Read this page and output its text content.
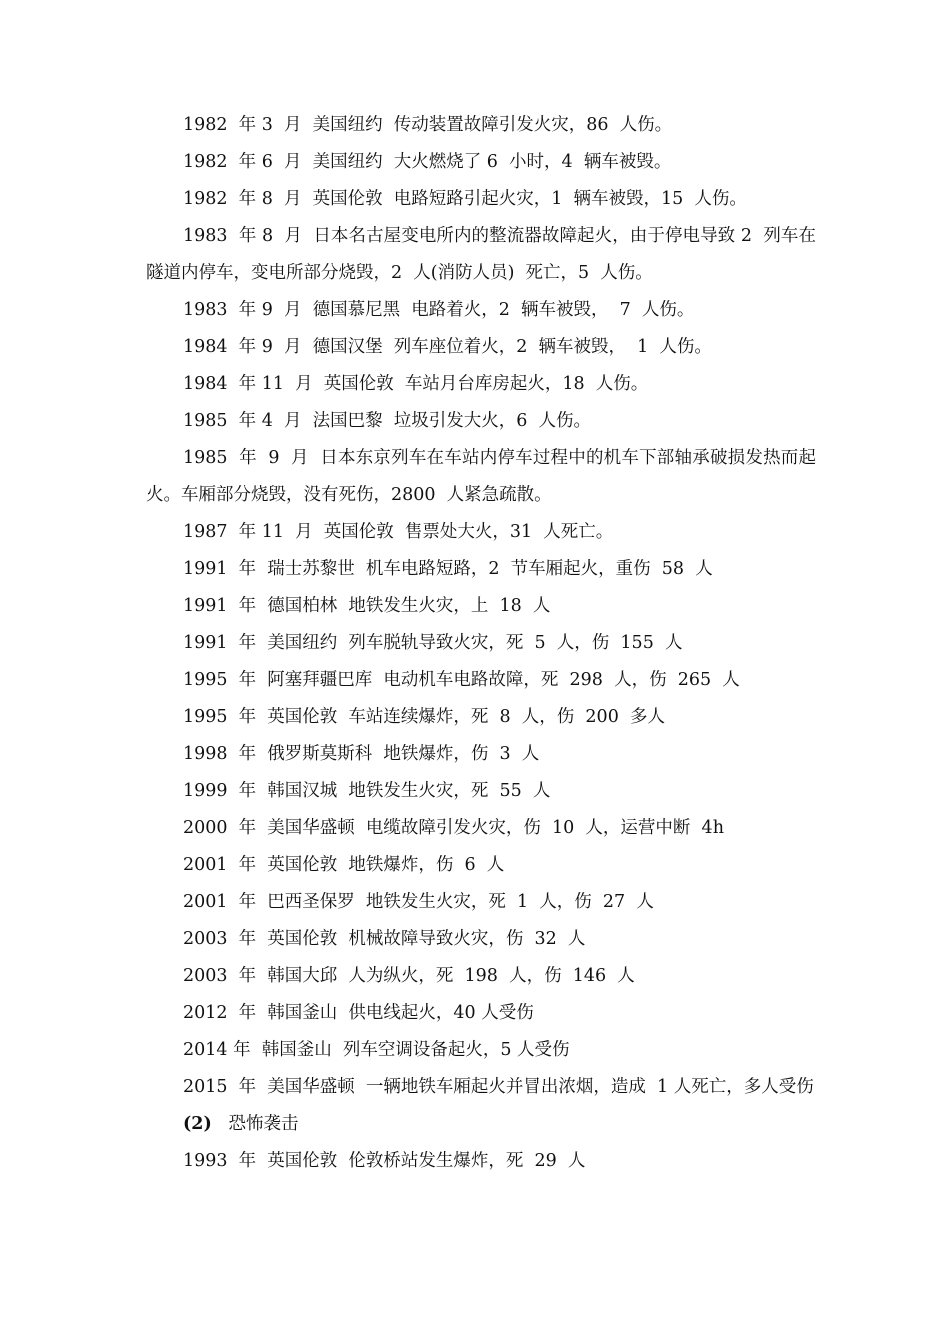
1982  年 3  月  美国纽约  传动装置故障引发火灾，86  人伤。

1982  年 6  月  美国纽约  大火燃烧了 6  小时，4  辆车被毁。

1982  年 8  月  英国伦敦  电路短路引起火灾，1  辆车被毁，15  人伤。

1983  年 8  月  日本名古屋变电所内的整流器故障起火，由于停电导致 2  列车在隧道内停车，变电所部分烧毁，2  人(消防人员)  死亡，5  人伤。

1983  年 9  月  德国慕尼黑  电路着火，2  辆车被毁，  7  人伤。

1984  年 9  月  德国汉堡  列车座位着火，2  辆车被毁，  1  人伤。

1984  年 11  月  英国伦敦  车站月台库房起火，18  人伤。

1985  年 4  月  法国巴黎  垃圾引发大火，6  人伤。

1985  年  9  月  日本东京列车在车站内停车过程中的机车下部轴承破损发热而起火。车厢部分烧毁，没有死伤，2800  人紧急疏散。

1987  年 11  月  英国伦敦  售票处大火，31  人死亡。

1991  年  瑞士苏黎世  机车电路短路，2  节车厢起火，重伤  58  人

1991  年  德国柏林  地铁发生火灾，上  18  人

1991  年  美国纽约  列车脱轨导致火灾，死  5  人，伤  155  人

1995  年  阿塞拜疆巴库  电动机车电路故障，死  298  人，伤  265  人

1995  年  英国伦敦  车站连续爆炸，死  8  人，伤  200  多人

1998  年  俄罗斯莫斯科  地铁爆炸，伤  3  人

1999  年  韩国汉城  地铁发生火灾，死  55  人

2000  年  美国华盛顿  电缆故障引发火灾，伤  10  人，运营中断  4h

2001  年  英国伦敦  地铁爆炸，伤  6  人

2001  年  巴西圣保罗  地铁发生火灾，死  1  人，伤  27  人

2003  年  英国伦敦  机械故障导致火灾，伤  32  人

2003  年  韩国大邱  人为纵火，死  198  人，伤  146  人

2012  年  韩国釜山  供电线起火，40 人受伤

2014 年  韩国釜山  列车空调设备起火，5 人受伤

2015  年  美国华盛顿  一辆地铁车厢起火并冒出浓烟，造成  1 人死亡，多人受伤

(2) 恐怖袭击

1993  年  英国伦敦  伦敦桥站发生爆炸，死  29  人
